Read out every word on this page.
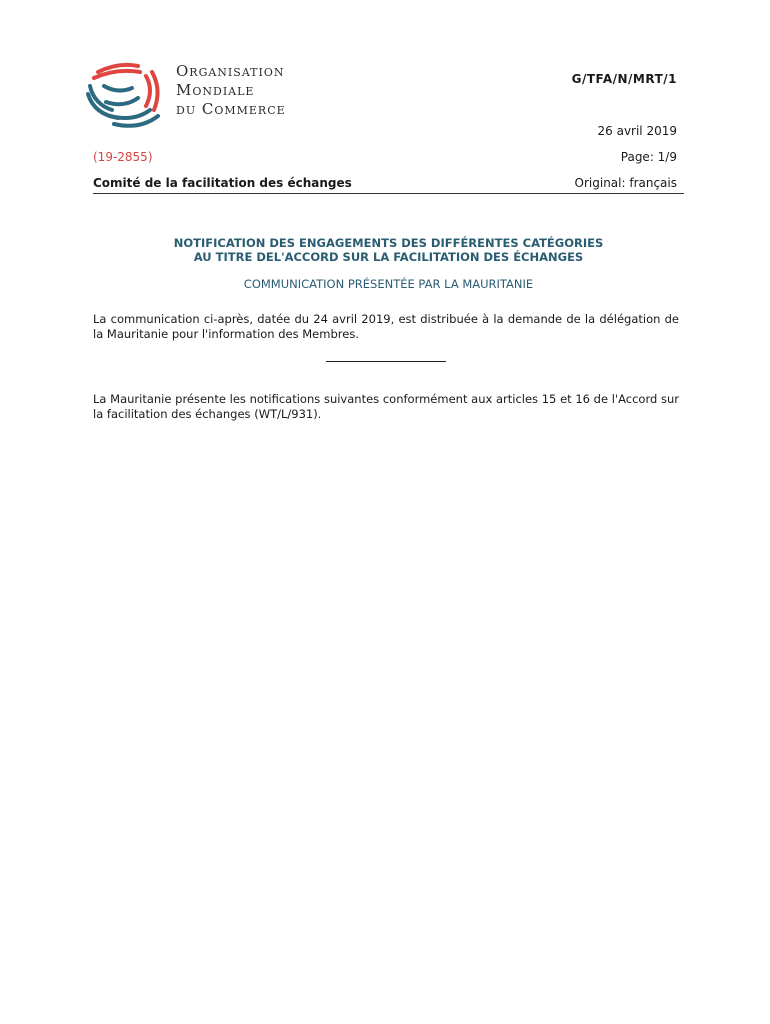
Organisation
Mondiale
du Commerce
G/TFA/N/MRT/1
26 avril 2019
(19-2855)	Page: 1/9
Comité de la facilitation des échanges	Original: français
NOTIFICATION DES ENGAGEMENTS DES DIFFÉRENTES CATÉGORIES
AU TITRE DEL'ACCORD SUR LA FACILITATION DES ÉCHANGES
COMMUNICATION PRÉSENTÉE PAR LA MAURITANIE
La communication ci-après, datée du 24 avril 2019, est distribuée à la demande de la délégation de la Mauritanie pour l'information des Membres.
La Mauritanie présente les notifications suivantes conformément aux articles 15 et 16 de l'Accord sur la facilitation des échanges (WT/L/931).
